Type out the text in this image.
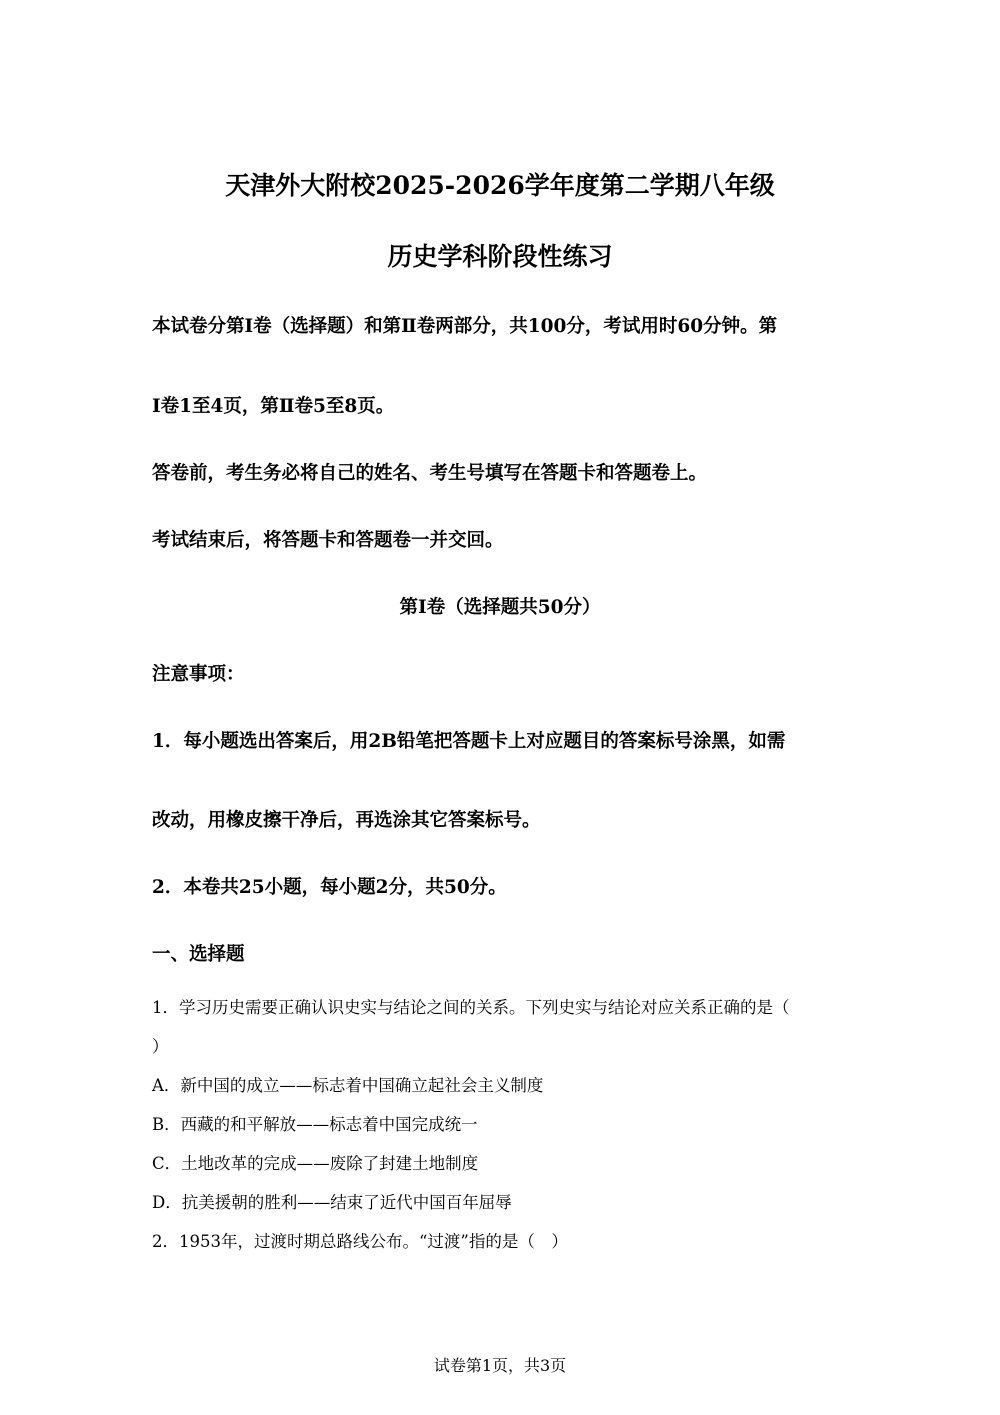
天津外大附校2025-2026学年度第二学期八年级
历史学科阶段性练习
本试卷分第Ⅰ卷（选择题）和第Ⅱ卷两部分，共100分，考试用时60分钟。第
Ⅰ卷1至4页，第Ⅱ卷5至8页。
答卷前，考生务必将自己的姓名、考生号填写在答题卡和答题卷上。
考试结束后，将答题卡和答题卷一并交回。
第Ⅰ卷（选择题共50分）
注意事项：
1．每小题选出答案后，用2B铅笔把答题卡上对应题目的答案标号涂黑，如需
改动，用橡皮擦干净后，再选涂其它答案标号。
2．本卷共25小题，每小题2分，共50分。
一、选择题
1．学习历史需要正确认识史实与结论之间的关系。下列史实与结论对应关系正确的是（
）
A．新中国的成立——标志着中国确立起社会主义制度
B．西藏的和平解放——标志着中国完成统一
C．土地改革的完成——废除了封建土地制度
D．抗美援朝的胜利——结束了近代中国百年屈辱
2．1953年，过渡时期总路线公布。“过渡”指的是（　）
试卷第1页，共3页
